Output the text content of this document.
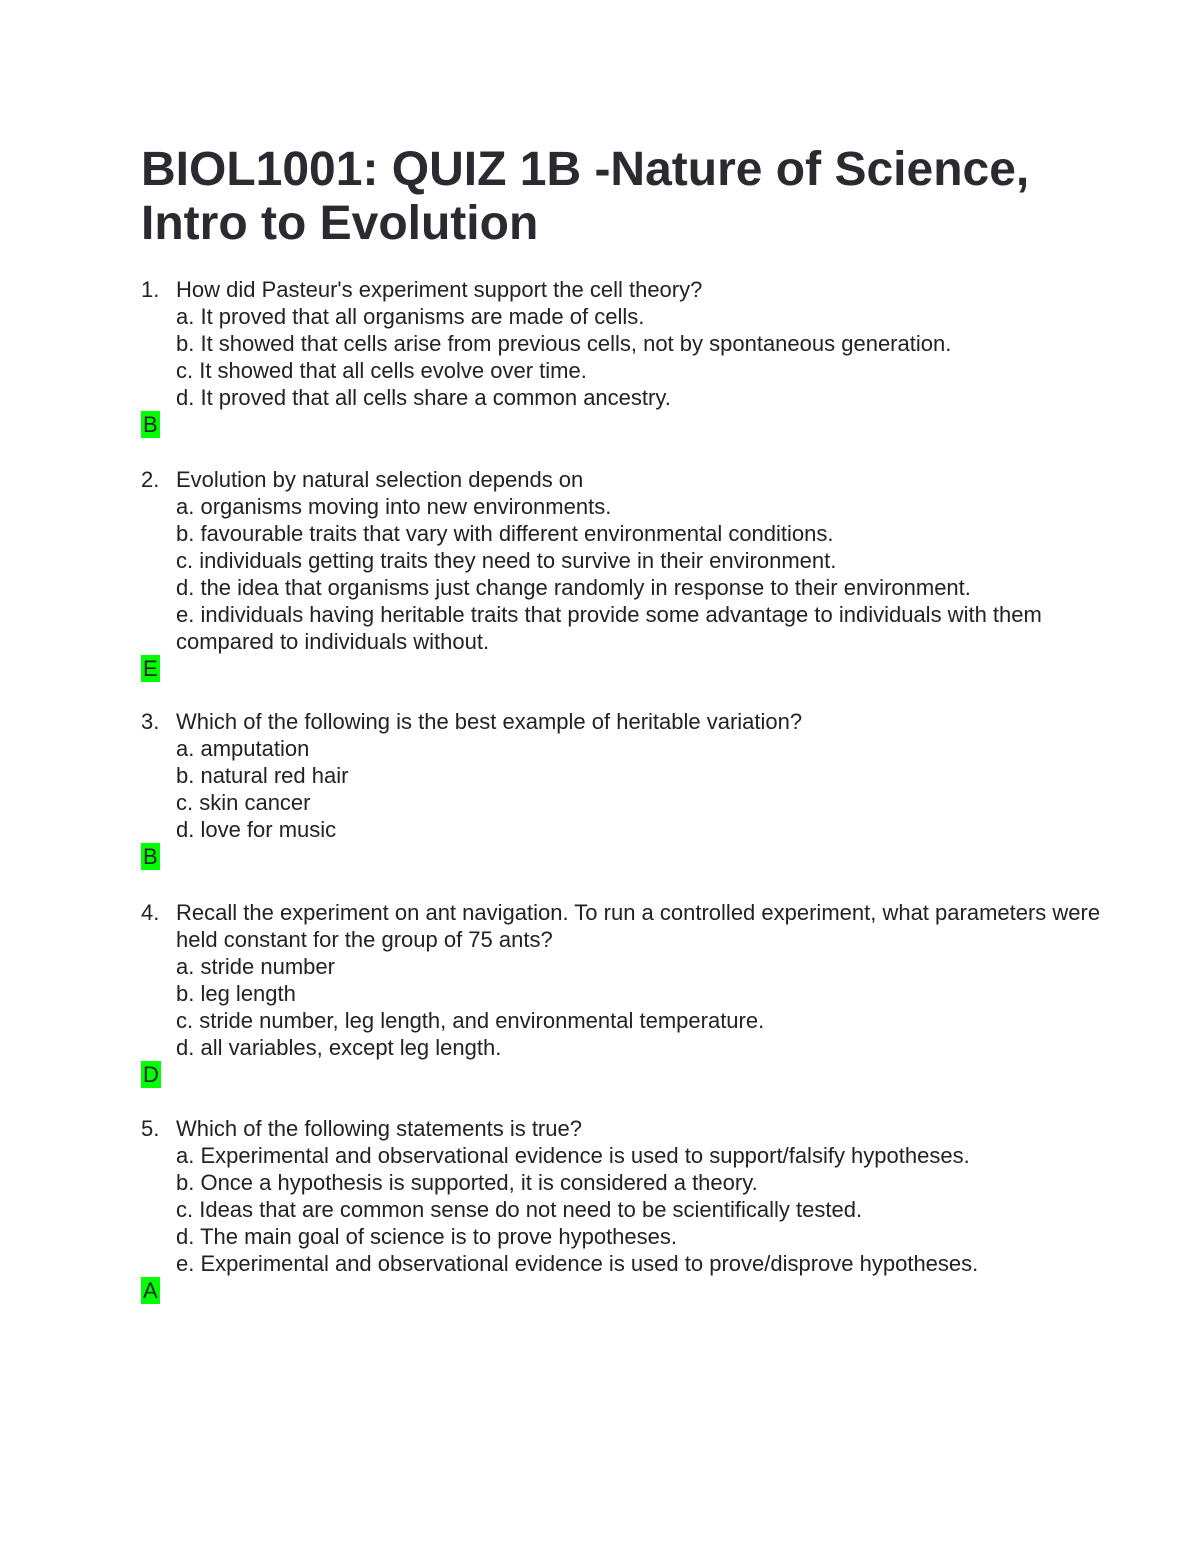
BIOL1001: QUIZ 1B -Nature of Science, Intro to Evolution
1. How did Pasteur's experiment support the cell theory?
a. It proved that all organisms are made of cells.
b. It showed that cells arise from previous cells, not by spontaneous generation.
c. It showed that all cells evolve over time.
d. It proved that all cells share a common ancestry.
B
2. Evolution by natural selection depends on
a. organisms moving into new environments.
b. favourable traits that vary with different environmental conditions.
c. individuals getting traits they need to survive in their environment.
d. the idea that organisms just change randomly in response to their environment.
e. individuals having heritable traits that provide some advantage to individuals with them compared to individuals without.
E
3. Which of the following is the best example of heritable variation?
a. amputation
b. natural red hair
c. skin cancer
d. love for music
B
4. Recall the experiment on ant navigation. To run a controlled experiment, what parameters were held constant for the group of 75 ants?
a. stride number
b. leg length
c. stride number, leg length, and environmental temperature.
d. all variables, except leg length.
D
5. Which of the following statements is true?
a. Experimental and observational evidence is used to support/falsify hypotheses.
b. Once a hypothesis is supported, it is considered a theory.
c. Ideas that are common sense do not need to be scientifically tested.
d. The main goal of science is to prove hypotheses.
e. Experimental and observational evidence is used to prove/disprove hypotheses.
A
